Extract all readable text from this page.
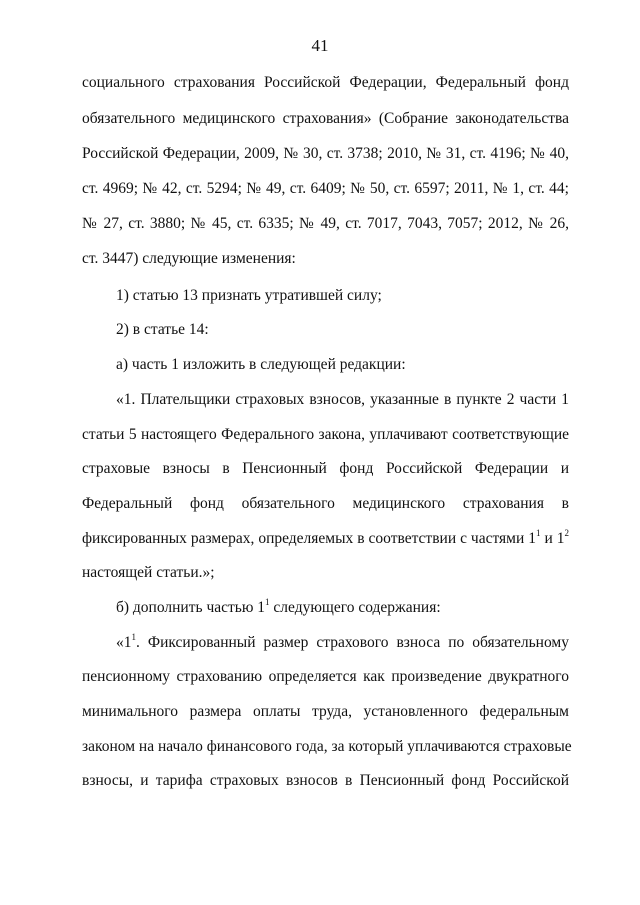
41
социального страхования Российской Федерации, Федеральный фонд
обязательного медицинского страхования» (Собрание законодательства
Российской Федерации, 2009, № 30, ст. 3738; 2010, № 31, ст. 4196; № 40,
ст. 4969; № 42, ст. 5294; № 49, ст. 6409; № 50, ст. 6597; 2011, № 1, ст. 44;
№ 27, ст. 3880; № 45, ст. 6335; № 49, ст. 7017, 7043, 7057; 2012, № 26,
ст. 3447) следующие изменения:
1) статью 13 признать утратившей силу;
2) в статье 14:
а) часть 1 изложить в следующей редакции:
«1. Плательщики страховых взносов, указанные в пункте 2 части 1
статьи 5 настоящего Федерального закона, уплачивают соответствующие
страховые взносы в Пенсионный фонд Российской Федерации и
Федеральный фонд обязательного медицинского страхования в
фиксированных размерах, определяемых в соответствии с частями $1^1$ и $1^2$
настоящей статьи.»;
б) дополнить частью $1^1$ следующего содержания:
«$1^1$. Фиксированный размер страхового взноса по обязательному
пенсионному страхованию определяется как произведение двукратного
минимального размера оплаты труда, установленного федеральным
законом на начало финансового года, за который уплачиваются страховые
взносы, и тарифа страховых взносов в Пенсионный фонд Российской
